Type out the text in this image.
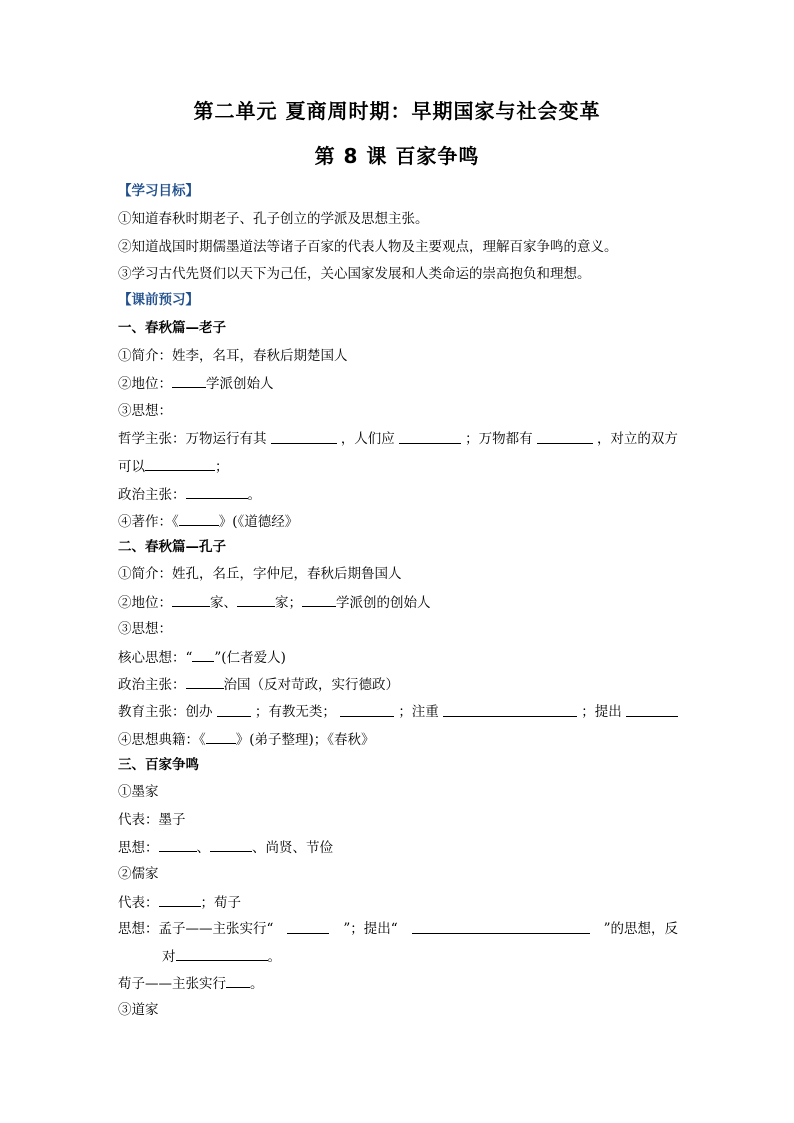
第二单元 夏商周时期：早期国家与社会变革
第 8 课 百家争鸣
【学习目标】
①知道春秋时期老子、孔子创立的学派及思想主张。
②知道战国时期儒墨道法等诸子百家的代表人物及主要观点，理解百家争鸣的意义。
③学习古代先贤们以天下为己任，关心国家发展和人类命运的崇高抱负和理想。
【课前预习】
一、春秋篇—老子
①简介：姓李，名耳，春秋后期楚国人
②地位：	学派创始人
③思想：
哲学主张：万物运行有其	，人们应	；万物都有	，对立的双方
可以	；
政治主张：	。
④著作：《	》(《道德经》
二、春秋篇—孔子
①简介：姓孔，名丘，字仲尼，春秋后期鲁国人
②地位：	家、	家；	学派创的创始人
③思想：
核心思想：“ ”(仁者爱人)
政治主张：	治国（反对苛政，实行德政）
教育主张：创办	；有教无类；	；注重	；提出
④思想典籍：《 》(弟子整理)；《春秋》
三、百家争鸣
①墨家
代表：墨子
思想：	、	、尚贤、节俭
②儒家
代表：	；荀子
思想：孟子——主张实行“	”；提出“	”的思想，反
对	。
荀子——主张实行 。
③道家
